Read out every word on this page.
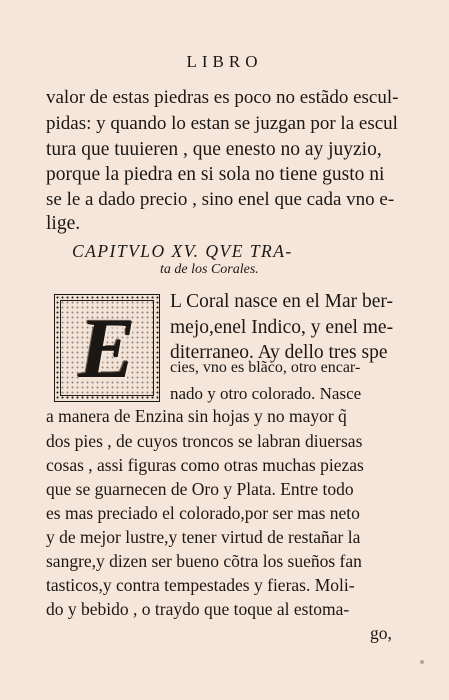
LIBRO
valor de estas piedras es poco no estãdo escul-
pidas: y quando lo estan se juzgan por la escul
tura que tuuieren , que enesto no ay juyzio,
porque la piedra en si sola no tiene gusto ni
se le a dado precio , sino enel que cada vno e-
lige.
CAPITVLO XV. QVE TRA-
ta de los Corales.
E L Coral nasce en el Mar ber-
mejo,enel Indico, y enel me-
diterraneo. Ay dello tres spe
cies, vno es blãco, otro encar-
nado y otro colorado. Nasce
a manera de Enzina sin hojas y no mayor q̃
dos pies , de cuyos troncos se labran diuersas
cosas , assi figuras como otras muchas piezas
que se guarnecen de Oro y Plata. Entre todo
es mas preciado el colorado,por ser mas neto
y de mejor lustre,y tener virtud de restañar la
sangre,y dizen ser bueno cõtra los sueños fan
tasticos,y contra tempestades y fieras. Moli-
do y bebido , o traydo que toque al estoma-
go,
